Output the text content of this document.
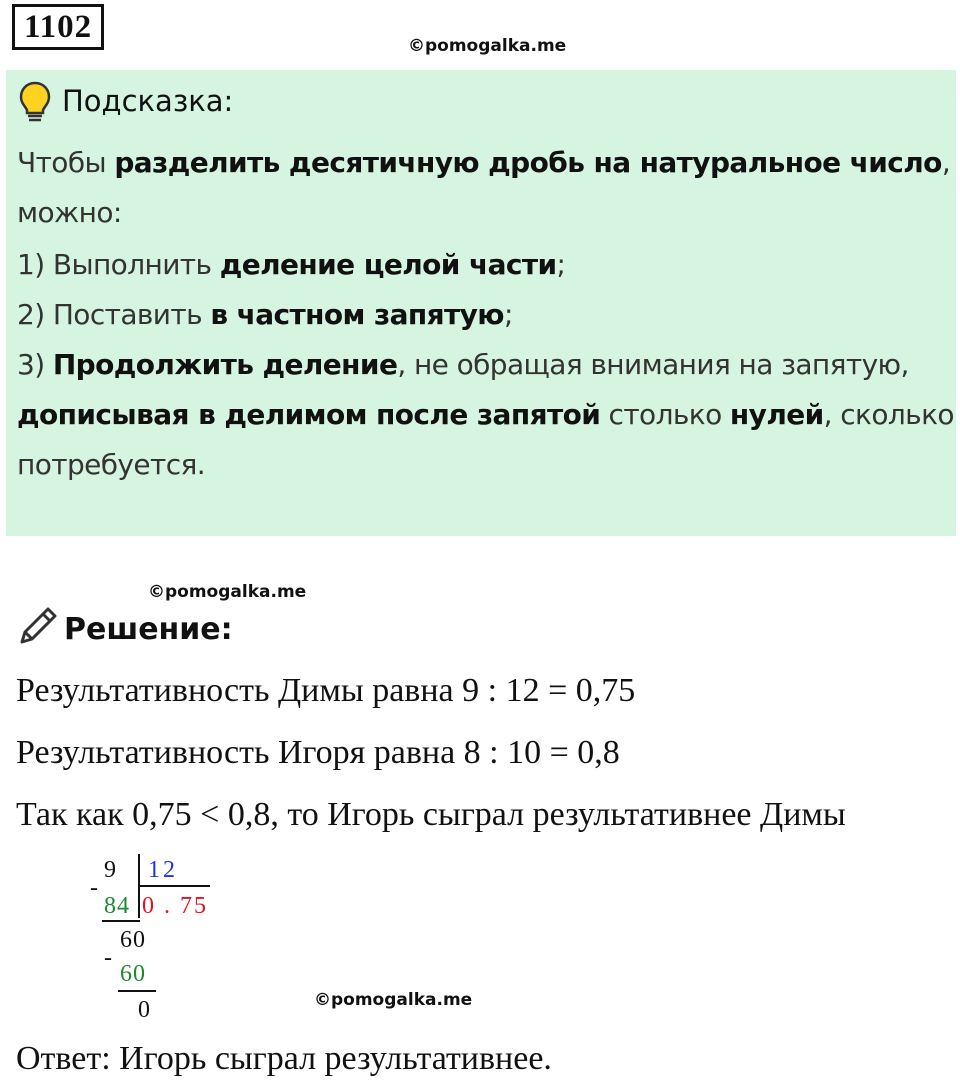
1102
©pomogalka.me
Подсказка:
Чтобы разделить десятичную дробь на натуральное число,
можно:
1) Выполнить деление целой части;
2) Поставить в частном запятую;
3) Продолжить деление, не обращая внимания на запятую,
дописывая в делимом после запятой столько нулей, сколько
потребуется.
©pomogalka.me
Решение:
Результативность Димы равна 9 : 12 = 0,75
Результативность Игоря равна 8 : 10 = 0,8
Так как 0,75 < 0,8, то Игорь сыграл результативнее Димы
9 12
-
84 0 . 75
60
-
60
0	©pomogalka.me
Ответ: Игорь сыграл результативнее.
